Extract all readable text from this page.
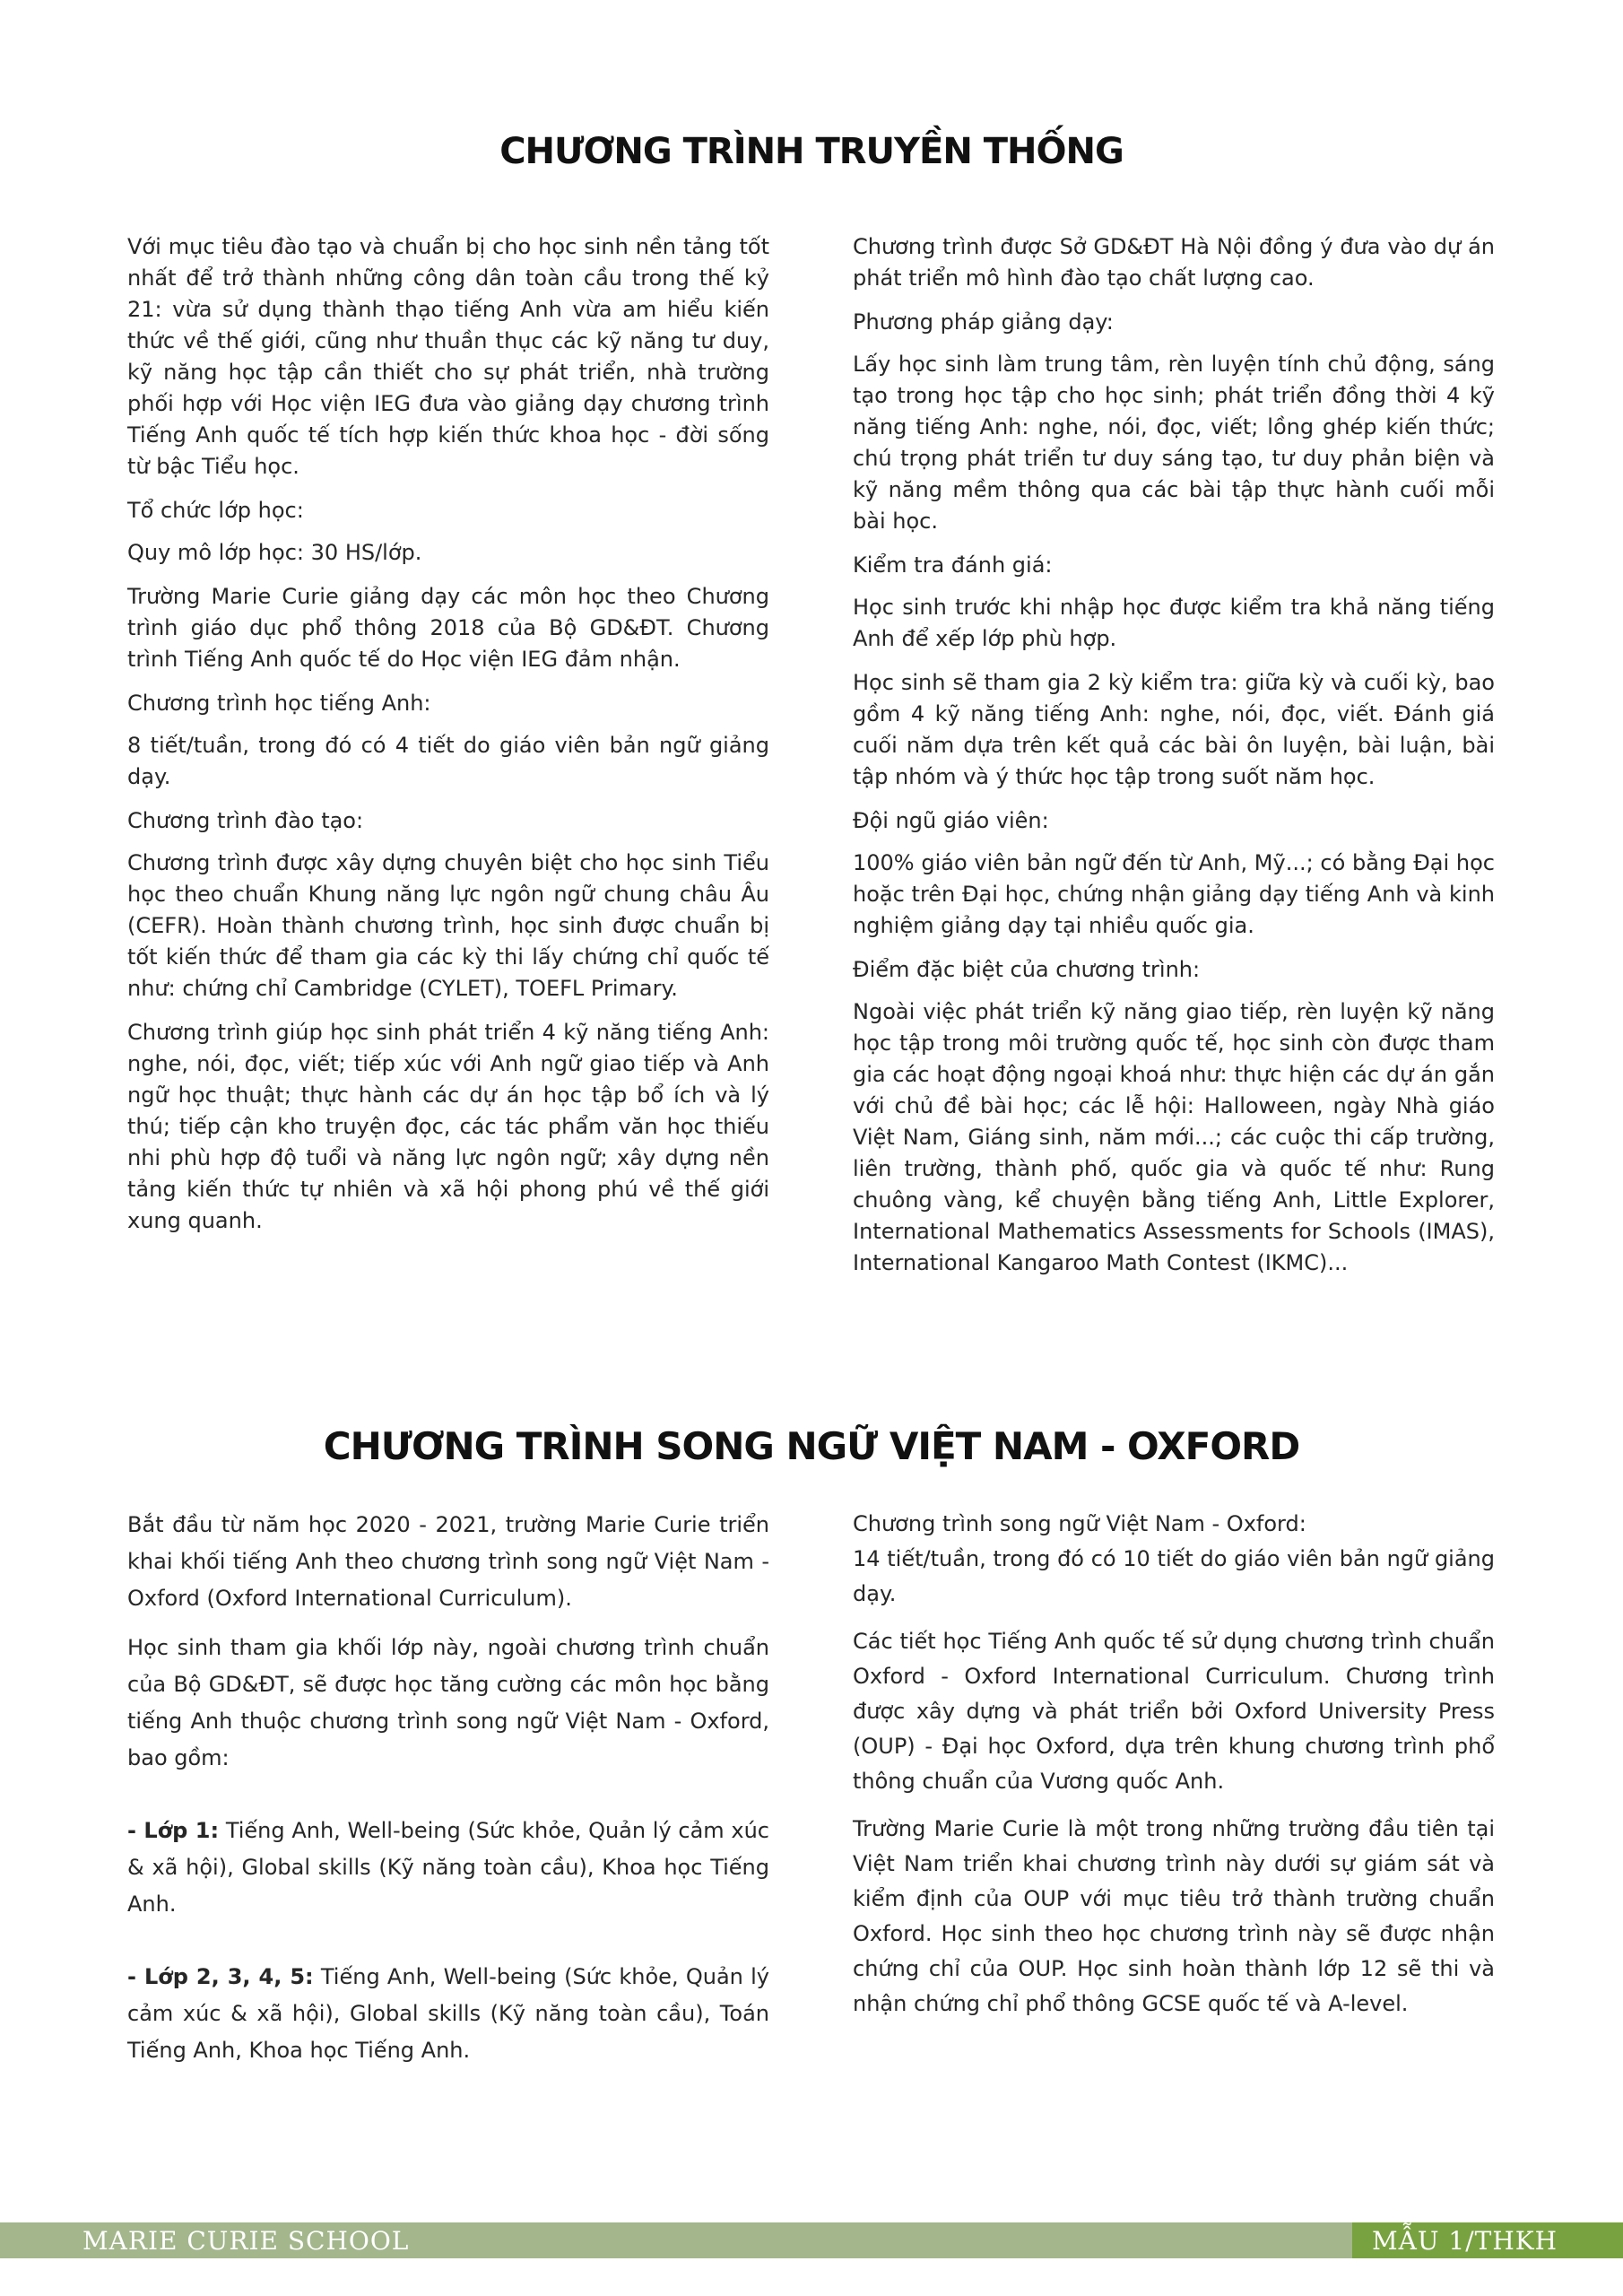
CHƯƠNG TRÌNH TRUYỀN THỐNG

Với mục tiêu đào tạo và chuẩn bị cho học sinh nền tảng tốt nhất để trở thành những công dân toàn cầu trong thế kỷ 21: vừa sử dụng thành thạo tiếng Anh vừa am hiểu kiến thức về thế giới, cũng như thuần thục các kỹ năng tư duy, kỹ năng học tập cần thiết cho sự phát triển, nhà trường phối hợp với Học viện IEG đưa vào giảng dạy chương trình Tiếng Anh quốc tế tích hợp kiến thức khoa học - đời sống từ bậc Tiểu học.

Tổ chức lớp học:

Quy mô lớp học: 30 HS/lớp.

Trường Marie Curie giảng dạy các môn học theo Chương trình giáo dục phổ thông 2018 của Bộ GD&ĐT. Chương trình Tiếng Anh quốc tế do Học viện IEG đảm nhận.

Chương trình học tiếng Anh:

8 tiết/tuần, trong đó có 4 tiết do giáo viên bản ngữ giảng dạy.

Chương trình đào tạo:

Chương trình được xây dựng chuyên biệt cho học sinh Tiểu học theo chuẩn Khung năng lực ngôn ngữ chung châu Âu (CEFR). Hoàn thành chương trình, học sinh được chuẩn bị tốt kiến thức để tham gia các kỳ thi lấy chứng chỉ quốc tế như: chứng chỉ Cambridge (CYLET), TOEFL Primary.

Chương trình giúp học sinh phát triển 4 kỹ năng tiếng Anh: nghe, nói, đọc, viết; tiếp xúc với Anh ngữ giao tiếp và Anh ngữ học thuật; thực hành các dự án học tập bổ ích và lý thú; tiếp cận kho truyện đọc, các tác phẩm văn học thiếu nhi phù hợp độ tuổi và năng lực ngôn ngữ; xây dựng nền tảng kiến thức tự nhiên và xã hội phong phú về thế giới xung quanh.

Chương trình được Sở GD&ĐT Hà Nội đồng ý đưa vào dự án phát triển mô hình đào tạo chất lượng cao.

Phương pháp giảng dạy:

Lấy học sinh làm trung tâm, rèn luyện tính chủ động, sáng tạo trong học tập cho học sinh; phát triển đồng thời 4 kỹ năng tiếng Anh: nghe, nói, đọc, viết; lồng ghép kiến thức; chú trọng phát triển tư duy sáng tạo, tư duy phản biện và kỹ năng mềm thông qua các bài tập thực hành cuối mỗi bài học.

Kiểm tra đánh giá:

Học sinh trước khi nhập học được kiểm tra khả năng tiếng Anh để xếp lớp phù hợp.

Học sinh sẽ tham gia 2 kỳ kiểm tra: giữa kỳ và cuối kỳ, bao gồm 4 kỹ năng tiếng Anh: nghe, nói, đọc, viết. Đánh giá cuối năm dựa trên kết quả các bài ôn luyện, bài luận, bài tập nhóm và ý thức học tập trong suốt năm học.

Đội ngũ giáo viên:

100% giáo viên bản ngữ đến từ Anh, Mỹ...; có bằng Đại học hoặc trên Đại học, chứng nhận giảng dạy tiếng Anh và kinh nghiệm giảng dạy tại nhiều quốc gia.

Điểm đặc biệt của chương trình:

Ngoài việc phát triển kỹ năng giao tiếp, rèn luyện kỹ năng học tập trong môi trường quốc tế, học sinh còn được tham gia các hoạt động ngoại khoá như: thực hiện các dự án gắn với chủ đề bài học; các lễ hội: Halloween, ngày Nhà giáo Việt Nam, Giáng sinh, năm mới...; các cuộc thi cấp trường, liên trường, thành phố, quốc gia và quốc tế như: Rung chuông vàng, kể chuyện bằng tiếng Anh, Little Explorer, International Mathematics Assessments for Schools (IMAS), International Kangaroo Math Contest (IKMC)...

CHƯƠNG TRÌNH SONG NGỮ VIỆT NAM - OXFORD

Bắt đầu từ năm học 2020 - 2021, trường Marie Curie triển khai khối tiếng Anh theo chương trình song ngữ Việt Nam - Oxford (Oxford International Curriculum).

Học sinh tham gia khối lớp này, ngoài chương trình chuẩn của Bộ GD&ĐT, sẽ được học tăng cường các môn học bằng tiếng Anh thuộc chương trình song ngữ Việt Nam - Oxford, bao gồm:

- Lớp 1: Tiếng Anh, Well-being (Sức khỏe, Quản lý cảm xúc & xã hội), Global skills (Kỹ năng toàn cầu), Khoa học Tiếng Anh.

- Lớp 2, 3, 4, 5: Tiếng Anh, Well-being (Sức khỏe, Quản lý cảm xúc & xã hội), Global skills (Kỹ năng toàn cầu), Toán Tiếng Anh, Khoa học Tiếng Anh.

Chương trình song ngữ Việt Nam - Oxford:

14 tiết/tuần, trong đó có 10 tiết do giáo viên bản ngữ giảng dạy.

Các tiết học Tiếng Anh quốc tế sử dụng chương trình chuẩn Oxford - Oxford International Curriculum. Chương trình được xây dựng và phát triển bởi Oxford University Press (OUP) - Đại học Oxford, dựa trên khung chương trình phổ thông chuẩn của Vương quốc Anh.

Trường Marie Curie là một trong những trường đầu tiên tại Việt Nam triển khai chương trình này dưới sự giám sát và kiểm định của OUP với mục tiêu trở thành trường chuẩn Oxford. Học sinh theo học chương trình này sẽ được nhận chứng chỉ của OUP. Học sinh hoàn thành lớp 12 sẽ thi và nhận chứng chỉ phổ thông GCSE quốc tế và A-level.

MARIE CURIE SCHOOL	MẪU 1/THKH
